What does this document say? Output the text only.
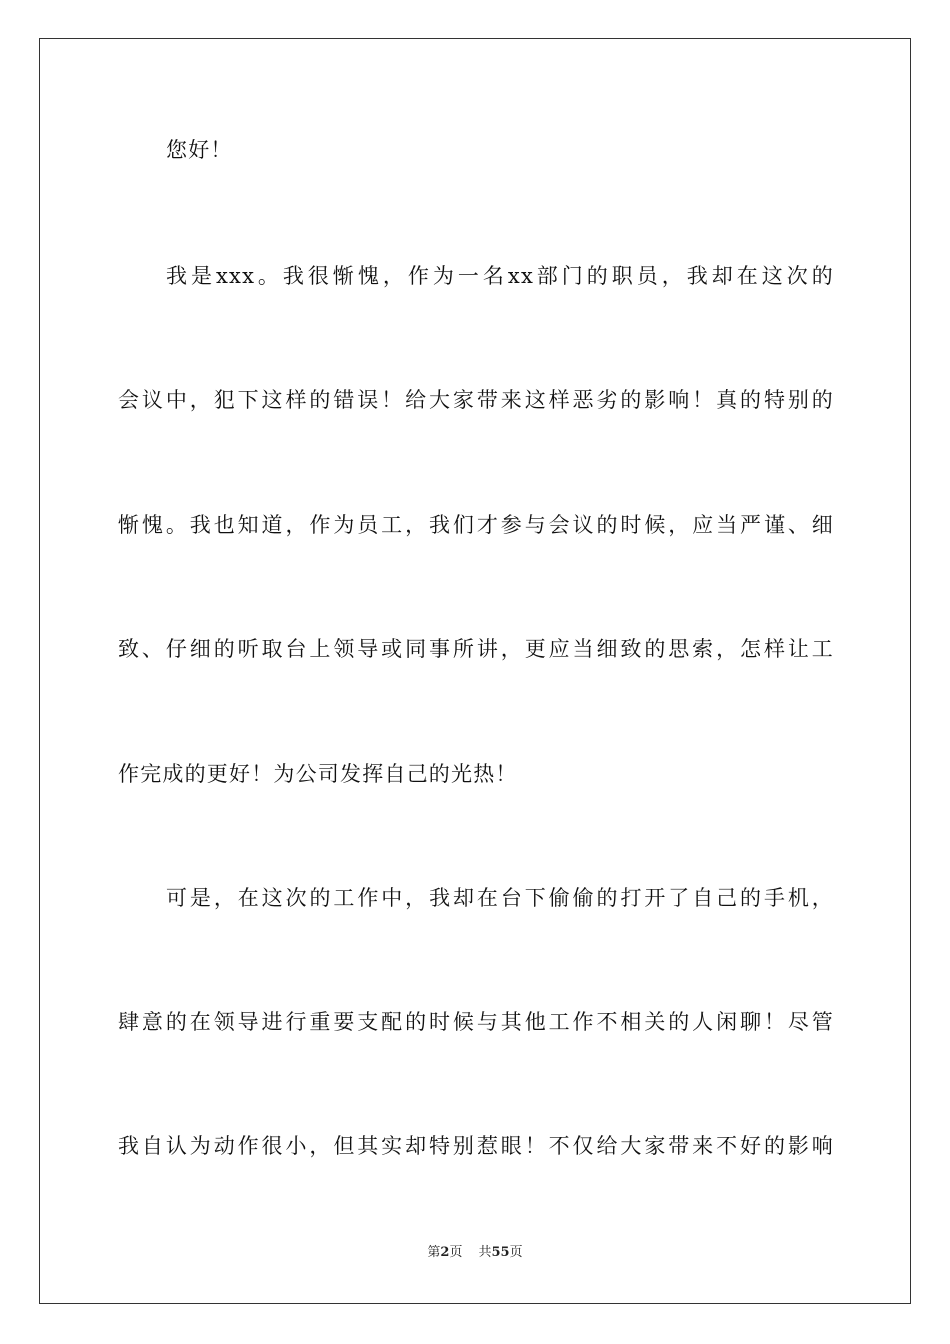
您好！
我是xxx。我很惭愧，作为一名xx部门的职员，我却在这次的
会议中，犯下这样的错误！给大家带来这样恶劣的影响！真的特别的
惭愧。我也知道，作为员工，我们才参与会议的时候，应当严谨、细
致、仔细的听取台上领导或同事所讲，更应当细致的思索，怎样让工
作完成的更好！为公司发挥自己的光热！
可是，在这次的工作中，我却在台下偷偷的打开了自己的手机，
肆意的在领导进行重要支配的时候与其他工作不相关的人闲聊！尽管
我自认为动作很小，但其实却特别惹眼！不仅给大家带来不好的影响
第2页 共55页
